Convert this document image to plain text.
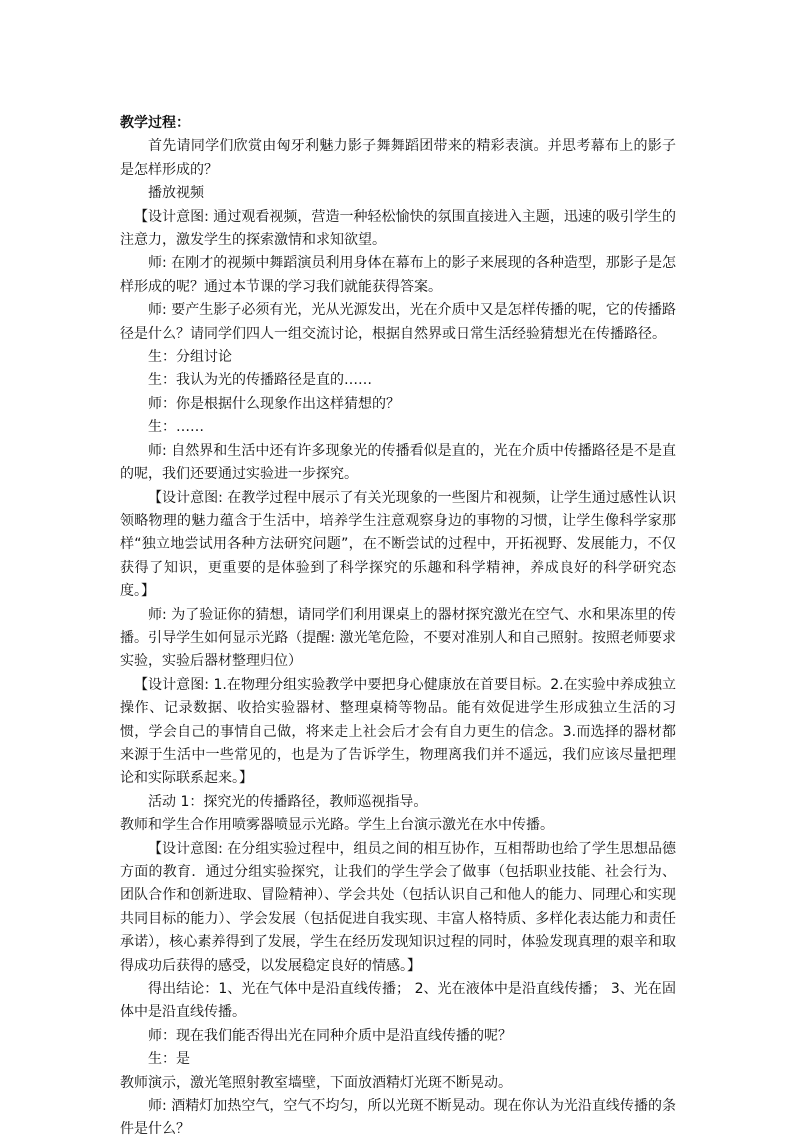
教学过程：

首先请同学们欣赏由匈牙利魅力影子舞舞蹈团带来的精彩表演。并思考幕布上的影子是怎样形成的？

播放视频

【设计意图: 通过观看视频，营造一种轻松愉快的氛围直接进入主题，迅速的吸引学生的注意力，激发学生的探索激情和求知欲望。

师: 在刚才的视频中舞蹈演员利用身体在幕布上的影子来展现的各种造型，那影子是怎样形成的呢？通过本节课的学习我们就能获得答案。

师: 要产生影子必须有光，光从光源发出，光在介质中又是怎样传播的呢，它的传播路径是什么？请同学们四人一组交流讨论，根据自然界或日常生活经验猜想光在传播路径。

生：分组讨论

生：我认为光的传播路径是直的……

师：你是根据什么现象作出这样猜想的？

生：……

师: 自然界和生活中还有许多现象光的传播看似是直的，光在介质中传播路径是不是直的呢，我们还要通过实验进一步探究。

【设计意图: 在教学过程中展示了有关光现象的一些图片和视频，让学生通过感性认识领略物理的魅力蕴含于生活中，培养学生注意观察身边的事物的习惯，让学生像科学家那样“独立地尝试用各种方法研究问题”，在不断尝试的过程中，开拓视野、发展能力，不仅获得了知识，更重要的是体验到了科学探究的乐趣和科学精神，养成良好的科学研究态度。】

师: 为了验证你的猜想，请同学们利用课桌上的器材探究激光在空气、水和果冻里的传播。引导学生如何显示光路（提醒: 激光笔危险，不要对准别人和自己照射。按照老师要求实验，实验后器材整理归位）

【设计意图: 1.在物理分组实验教学中要把身心健康放在首要目标。2.在实验中养成独立操作、记录数据、收拾实验器材、整理桌椅等物品。能有效促进学生形成独立生活的习惯，学会自己的事情自己做，将来走上社会后才会有自力更生的信念。3.而选择的器材都来源于生活中一些常见的，也是为了告诉学生，物理离我们并不遥远，我们应该尽量把理论和实际联系起来。】

活动 1：探究光的传播路径，教师巡视指导。

教师和学生合作用喷雾器喷显示光路。学生上台演示激光在水中传播。

【设计意图: 在分组实验过程中，组员之间的相互协作，互相帮助也给了学生思想品德方面的教育．通过分组实验探究，让我们的学生学会了做事（包括职业技能、社会行为、团队合作和创新进取、冒险精神）、学会共处（包括认识自己和他人的能力、同理心和实现共同目标的能力）、学会发展（包括促进自我实现、丰富人格特质、多样化表达能力和责任承诺），核心素养得到了发展，学生在经历发现知识过程的同时，体验发现真理的艰辛和取得成功后获得的感受，以发展稳定良好的情感。】

得出结论：1、光在气体中是沿直线传播； 2、光在液体中是沿直线传播； 3、光在固体中是沿直线传播。

师：现在我们能否得出光在同种介质中是沿直线传播的呢？

生：是

教师演示，激光笔照射教室墙壁，下面放酒精灯光斑不断晃动。

师: 酒精灯加热空气，空气不均匀，所以光斑不断晃动。现在你认为光沿直线传播的条件是什么？
